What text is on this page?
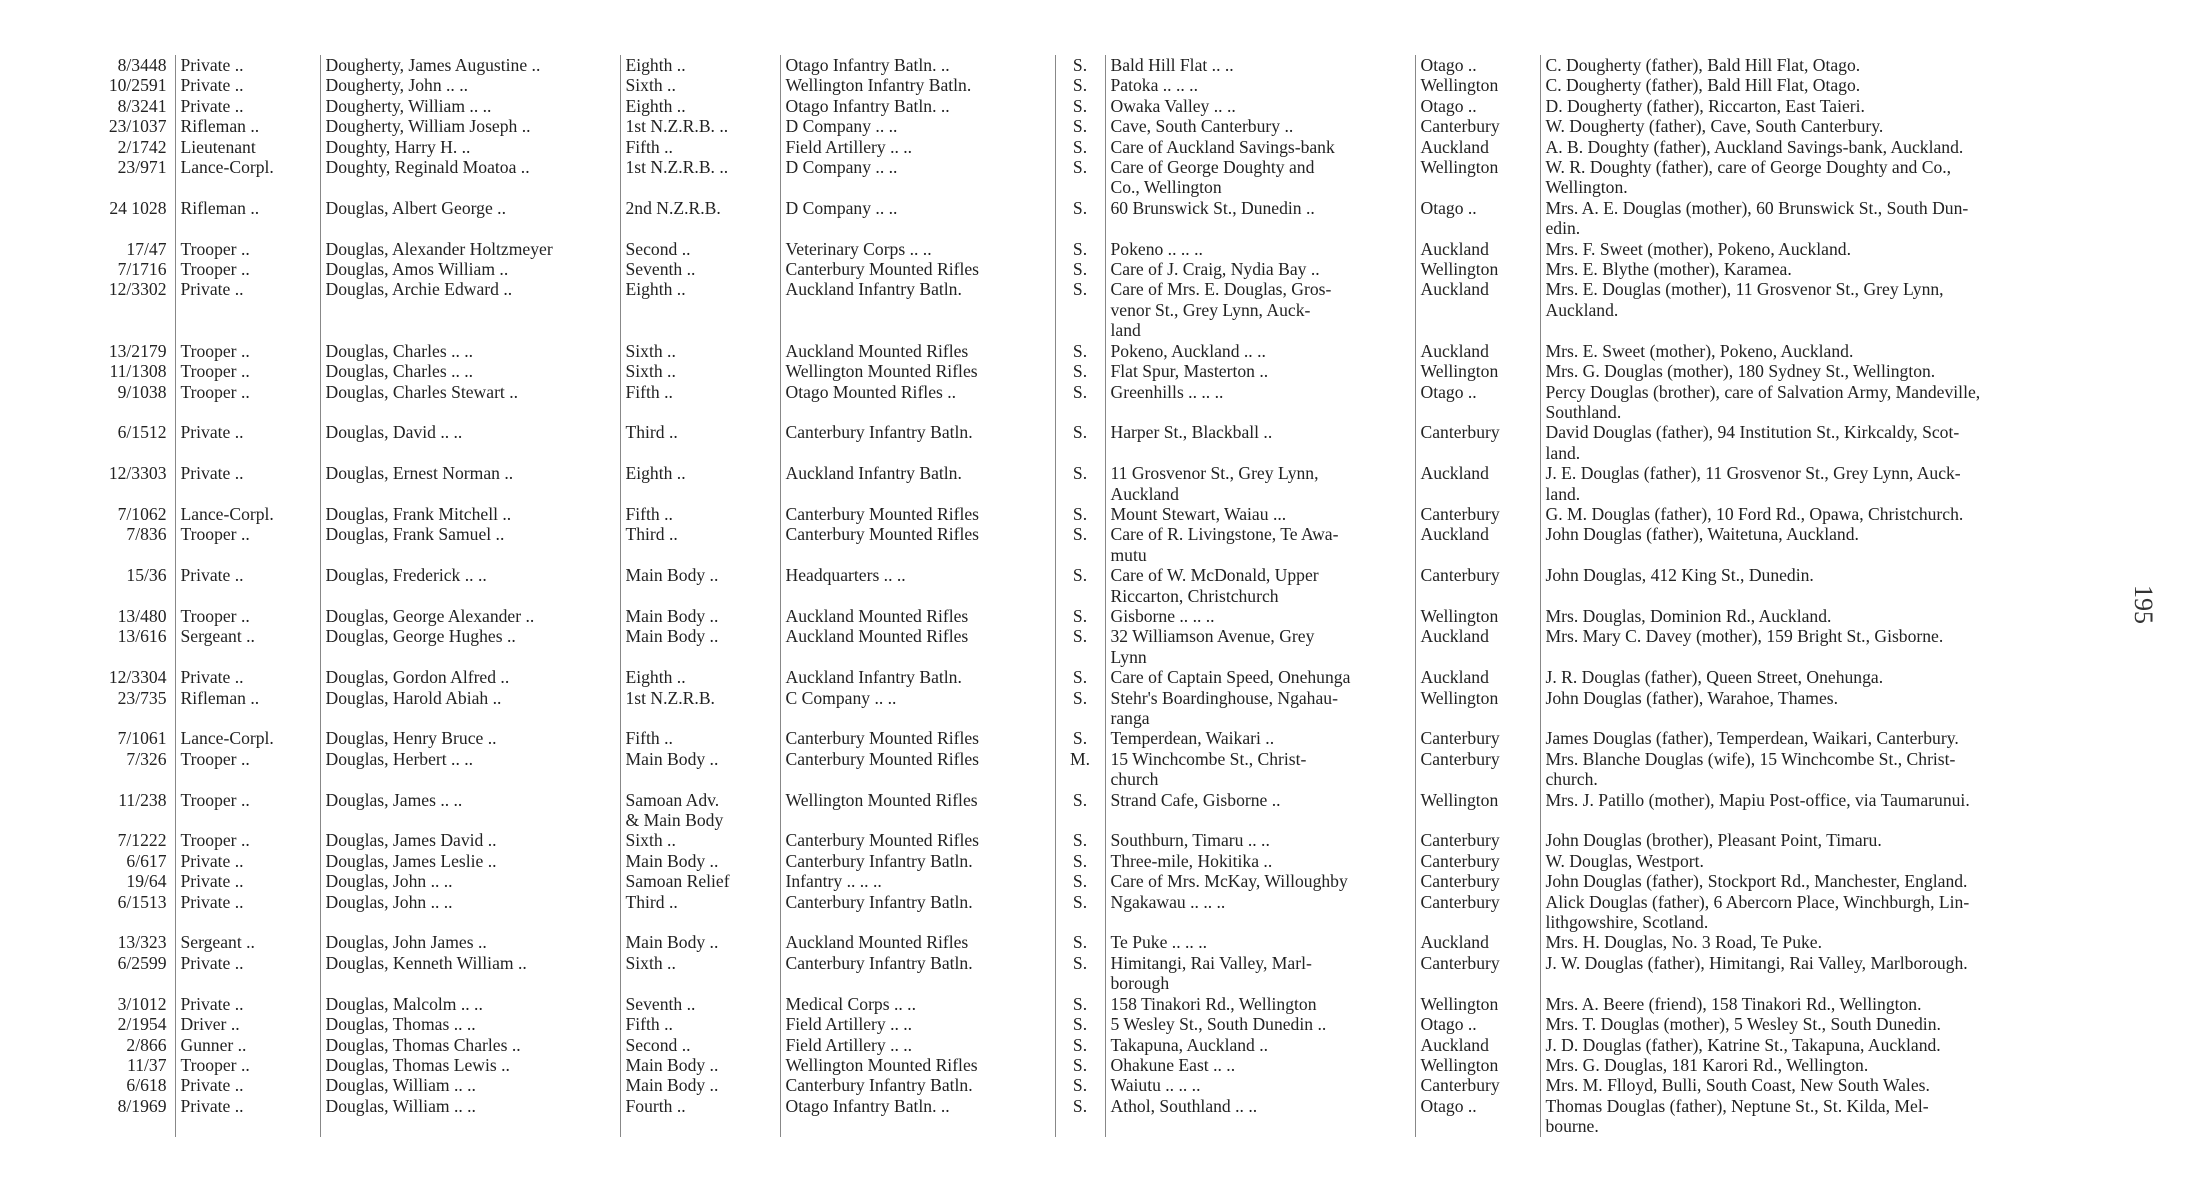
8/3448	Private ..	Dougherty, James Augustine ..	Eighth ..	Otago Infantry Batln. ..	S.	Bald Hill Flat .. ..	Otago ..	C. Dougherty (father), Bald Hill Flat, Otago.
10/2591	Private ..	Dougherty, John .. ..	Sixth ..	Wellington Infantry Batln.	S.	Patoka .. .. ..	Wellington	C. Dougherty (father), Bald Hill Flat, Otago.
8/3241	Private ..	Dougherty, William .. ..	Eighth ..	Otago Infantry Batln. ..	S.	Owaka Valley .. ..	Otago ..	D. Dougherty (father), Riccarton, East Taieri.
23/1037	Rifleman ..	Dougherty, William Joseph ..	1st N.Z.R.B. ..	D Company .. ..	S.	Cave, South Canterbury ..	Canterbury	W. Dougherty (father), Cave, South Canterbury.
2/1742	Lieutenant	Doughty, Harry H. ..	Fifth ..	Field Artillery .. ..	S.	Care of Auckland Savings-bank	Auckland	A. B. Doughty (father), Auckland Savings-bank, Auckland.
23/971	Lance-Corpl.	Doughty, Reginald Moatoa ..	1st N.Z.R.B. ..	D Company .. ..	S.	Care of George Doughty and
Co., Wellington	Wellington	W. R. Doughty (father), care of George Doughty and Co.,
Wellington.
24 1028	Rifleman ..	Douglas, Albert George ..	2nd N.Z.R.B.	D Company .. ..	S.	60 Brunswick St., Dunedin ..	Otago ..	Mrs. A. E. Douglas (mother), 60 Brunswick St., South Dun-
edin.
17/47	Trooper ..	Douglas, Alexander Holtzmeyer	Second ..	Veterinary Corps .. ..	S.	Pokeno .. .. ..	Auckland	Mrs. F. Sweet (mother), Pokeno, Auckland.
7/1716	Trooper ..	Douglas, Amos William ..	Seventh ..	Canterbury Mounted Rifles	S.	Care of J. Craig, Nydia Bay ..	Wellington	Mrs. E. Blythe (mother), Karamea.
12/3302	Private ..	Douglas, Archie Edward ..	Eighth ..	Auckland Infantry Batln.	S.	Care of Mrs. E. Douglas, Gros-
venor St., Grey Lynn, Auck-
land	Auckland	Mrs. E. Douglas (mother), 11 Grosvenor St., Grey Lynn,
Auckland.
13/2179	Trooper ..	Douglas, Charles .. ..	Sixth ..	Auckland Mounted Rifles	S.	Pokeno, Auckland .. ..	Auckland	Mrs. E. Sweet (mother), Pokeno, Auckland.
11/1308	Trooper ..	Douglas, Charles .. ..	Sixth ..	Wellington Mounted Rifles	S.	Flat Spur, Masterton ..	Wellington	Mrs. G. Douglas (mother), 180 Sydney St., Wellington.
9/1038	Trooper ..	Douglas, Charles Stewart ..	Fifth ..	Otago Mounted Rifles ..	S.	Greenhills .. .. ..	Otago ..	Percy Douglas (brother), care of Salvation Army, Mandeville,
Southland.
6/1512	Private ..	Douglas, David .. ..	Third ..	Canterbury Infantry Batln.	S.	Harper St., Blackball ..	Canterbury	David Douglas (father), 94 Institution St., Kirkcaldy, Scot-
land.
12/3303	Private ..	Douglas, Ernest Norman ..	Eighth ..	Auckland Infantry Batln.	S.	11 Grosvenor St., Grey Lynn,
Auckland	Auckland	J. E. Douglas (father), 11 Grosvenor St., Grey Lynn, Auck-
land.
7/1062	Lance-Corpl.	Douglas, Frank Mitchell ..	Fifth ..	Canterbury Mounted Rifles	S.	Mount Stewart, Waiau ...	Canterbury	G. M. Douglas (father), 10 Ford Rd., Opawa, Christchurch.
7/836	Trooper ..	Douglas, Frank Samuel ..	Third ..	Canterbury Mounted Rifles	S.	Care of R. Livingstone, Te Awa-
mutu	Auckland	John Douglas (father), Waitetuna, Auckland.
15/36	Private ..	Douglas, Frederick .. ..	Main Body ..	Headquarters .. ..	S.	Care of W. McDonald, Upper
Riccarton, Christchurch	Canterbury	John Douglas, 412 King St., Dunedin.
13/480	Trooper ..	Douglas, George Alexander ..	Main Body ..	Auckland Mounted Rifles	S.	Gisborne .. .. ..	Wellington	Mrs. Douglas, Dominion Rd., Auckland.
13/616	Sergeant ..	Douglas, George Hughes ..	Main Body ..	Auckland Mounted Rifles	S.	32 Williamson Avenue, Grey
Lynn	Auckland	Mrs. Mary C. Davey (mother), 159 Bright St., Gisborne.
12/3304	Private ..	Douglas, Gordon Alfred ..	Eighth ..	Auckland Infantry Batln.	S.	Care of Captain Speed, Onehunga	Auckland	J. R. Douglas (father), Queen Street, Onehunga.
23/735	Rifleman ..	Douglas, Harold Abiah ..	1st N.Z.R.B.	C Company .. ..	S.	Stehr's Boardinghouse, Ngahau-
ranga	Wellington	John Douglas (father), Warahoe, Thames.
7/1061	Lance-Corpl.	Douglas, Henry Bruce ..	Fifth ..	Canterbury Mounted Rifles	S.	Temperdean, Waikari ..	Canterbury	James Douglas (father), Temperdean, Waikari, Canterbury.
7/326	Trooper ..	Douglas, Herbert .. ..	Main Body ..	Canterbury Mounted Rifles	M.	15 Winchcombe St., Christ-
church	Canterbury	Mrs. Blanche Douglas (wife), 15 Winchcombe St., Christ-
church.
11/238	Trooper ..	Douglas, James .. ..	Samoan Adv.
& Main Body	Wellington Mounted Rifles	S.	Strand Cafe, Gisborne ..	Wellington	Mrs. J. Patillo (mother), Mapiu Post-office, via Taumarunui.
7/1222	Trooper ..	Douglas, James David ..	Sixth ..	Canterbury Mounted Rifles	S.	Southburn, Timaru .. ..	Canterbury	John Douglas (brother), Pleasant Point, Timaru.
6/617	Private ..	Douglas, James Leslie ..	Main Body ..	Canterbury Infantry Batln.	S.	Three-mile, Hokitika ..	Canterbury	W. Douglas, Westport.
19/64	Private ..	Douglas, John .. ..	Samoan Relief	Infantry .. .. ..	S.	Care of Mrs. McKay, Willoughby	Canterbury	John Douglas (father), Stockport Rd., Manchester, England.
6/1513	Private ..	Douglas, John .. ..	Third ..	Canterbury Infantry Batln.	S.	Ngakawau .. .. ..	Canterbury	Alick Douglas (father), 6 Abercorn Place, Winchburgh, Lin-
lithgowshire, Scotland.
13/323	Sergeant ..	Douglas, John James ..	Main Body ..	Auckland Mounted Rifles	S.	Te Puke .. .. ..	Auckland	Mrs. H. Douglas, No. 3 Road, Te Puke.
6/2599	Private ..	Douglas, Kenneth William ..	Sixth ..	Canterbury Infantry Batln.	S.	Himitangi, Rai Valley, Marl-
borough	Canterbury	J. W. Douglas (father), Himitangi, Rai Valley, Marlborough.
3/1012	Private ..	Douglas, Malcolm .. ..	Seventh ..	Medical Corps .. ..	S.	158 Tinakori Rd., Wellington	Wellington	Mrs. A. Beere (friend), 158 Tinakori Rd., Wellington.
2/1954	Driver ..	Douglas, Thomas .. ..	Fifth ..	Field Artillery .. ..	S.	5 Wesley St., South Dunedin ..	Otago ..	Mrs. T. Douglas (mother), 5 Wesley St., South Dunedin.
2/866	Gunner ..	Douglas, Thomas Charles ..	Second ..	Field Artillery .. ..	S.	Takapuna, Auckland ..	Auckland	J. D. Douglas (father), Katrine St., Takapuna, Auckland.
11/37	Trooper ..	Douglas, Thomas Lewis ..	Main Body ..	Wellington Mounted Rifles	S.	Ohakune East .. ..	Wellington	Mrs. G. Douglas, 181 Karori Rd., Wellington.
6/618	Private ..	Douglas, William .. ..	Main Body ..	Canterbury Infantry Batln.	S.	Waiutu .. .. ..	Canterbury	Mrs. M. Flloyd, Bulli, South Coast, New South Wales.
8/1969	Private ..	Douglas, William .. ..	Fourth ..	Otago Infantry Batln. ..	S.	Athol, Southland .. ..	Otago ..	Thomas Douglas (father), Neptune St., St. Kilda, Mel-
bourne.
195
